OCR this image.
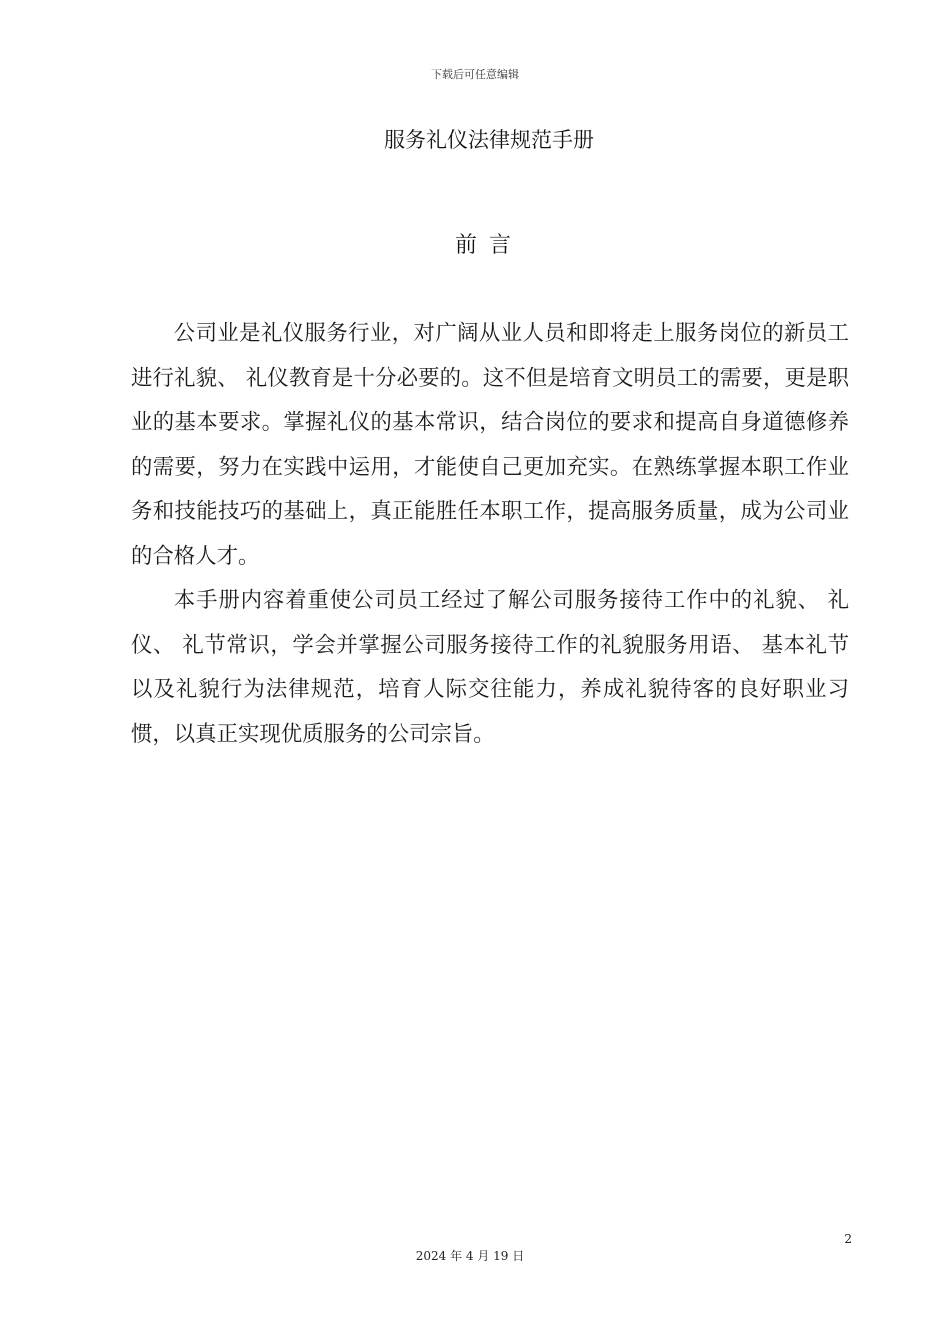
下载后可任意编辑
服务礼仪法律规范手册
前言

公司业是礼仪服务行业，对广阔从业人员和即将走上服务岗位的新员工进行礼貌、 礼仪教育是十分必要的。这不但是培育文明员工的需要，更是职业的基本要求。掌握礼仪的基本常识，结合岗位的要求和提高自身道德修养的需要，努力在实践中运用，才能使自己更加充实。在熟练掌握本职工作业务和技能技巧的基础上，真正能胜任本职工作，提高服务质量，成为公司业的合格人才。

本手册内容着重使公司员工经过了解公司服务接待工作中的礼貌、 礼仪、 礼节常识，学会并掌握公司服务接待工作的礼貌服务用语、 基本礼节以及礼貌行为法律规范，培育人际交往能力，养成礼貌待客的良好职业习惯，以真正实现优质服务的公司宗旨。

2
2024 年 4 月 19 日
